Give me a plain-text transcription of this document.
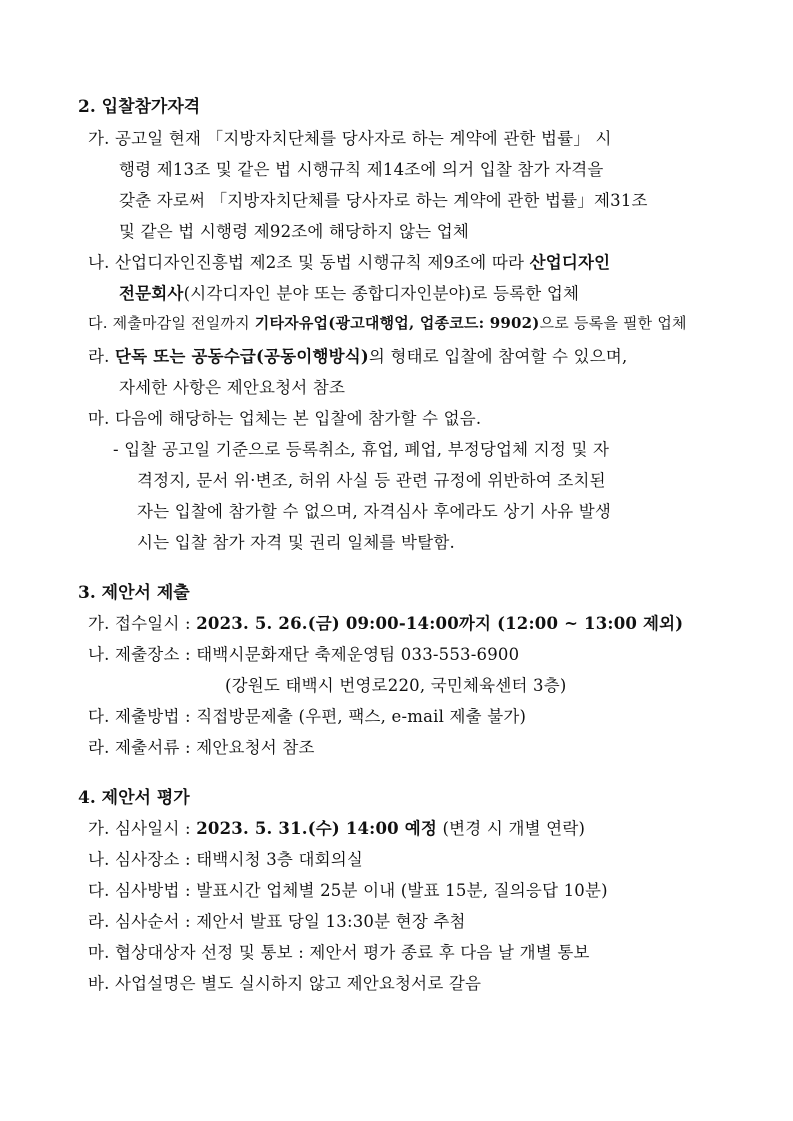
2. 입찰참가자격
가. 공고일 현재 「지방자치단체를 당사자로 하는 계약에 관한 법률」 시
행령 제13조 및 같은 법 시행규칙 제14조에 의거 입찰 참가 자격을
갖춘 자로써 「지방자치단체를 당사자로 하는 계약에 관한 법률」제31조
및 같은 법 시행령 제92조에 해당하지 않는 업체
나. 산업디자인진흥법 제2조 및 동법 시행규칙 제9조에 따라 산업디자인
전문회사(시각디자인 분야 또는 종합디자인분야)로 등록한 업체
다. 제출마감일 전일까지 기타자유업(광고대행업, 업종코드: 9902)으로 등록을 필한 업체
라. 단독 또는 공동수급(공동이행방식)의 형태로 입찰에 참여할 수 있으며,
자세한 사항은 제안요청서 참조
마. 다음에 해당하는 업체는 본 입찰에 참가할 수 없음.
- 입찰 공고일 기준으로 등록취소, 휴업, 폐업, 부정당업체 지정 및 자
격정지, 문서 위·변조, 허위 사실 등 관련 규정에 위반하여 조치된
자는 입찰에 참가할 수 없으며, 자격심사 후에라도 상기 사유 발생
시는 입찰 참가 자격 및 권리 일체를 박탈함.
3. 제안서 제출
가. 접수일시 : 2023. 5. 26.(금) 09:00-14:00까지 (12:00 ~ 13:00 제외)
나. 제출장소 : 태백시문화재단 축제운영팀 033-553-6900
(강원도 태백시 번영로220, 국민체육센터 3층)
다. 제출방법 : 직접방문제출 (우편, 팩스, e-mail 제출 불가)
라. 제출서류 : 제안요청서 참조
4. 제안서 평가
가. 심사일시 : 2023. 5. 31.(수) 14:00 예정 (변경 시 개별 연락)
나. 심사장소 : 태백시청 3층 대회의실
다. 심사방법 : 발표시간 업체별 25분 이내 (발표 15분, 질의응답 10분)
라. 심사순서 : 제안서 발표 당일 13:30분 현장 추첨
마. 협상대상자 선정 및 통보 : 제안서 평가 종료 후 다음 날 개별 통보
바. 사업설명은 별도 실시하지 않고 제안요청서로 갈음
